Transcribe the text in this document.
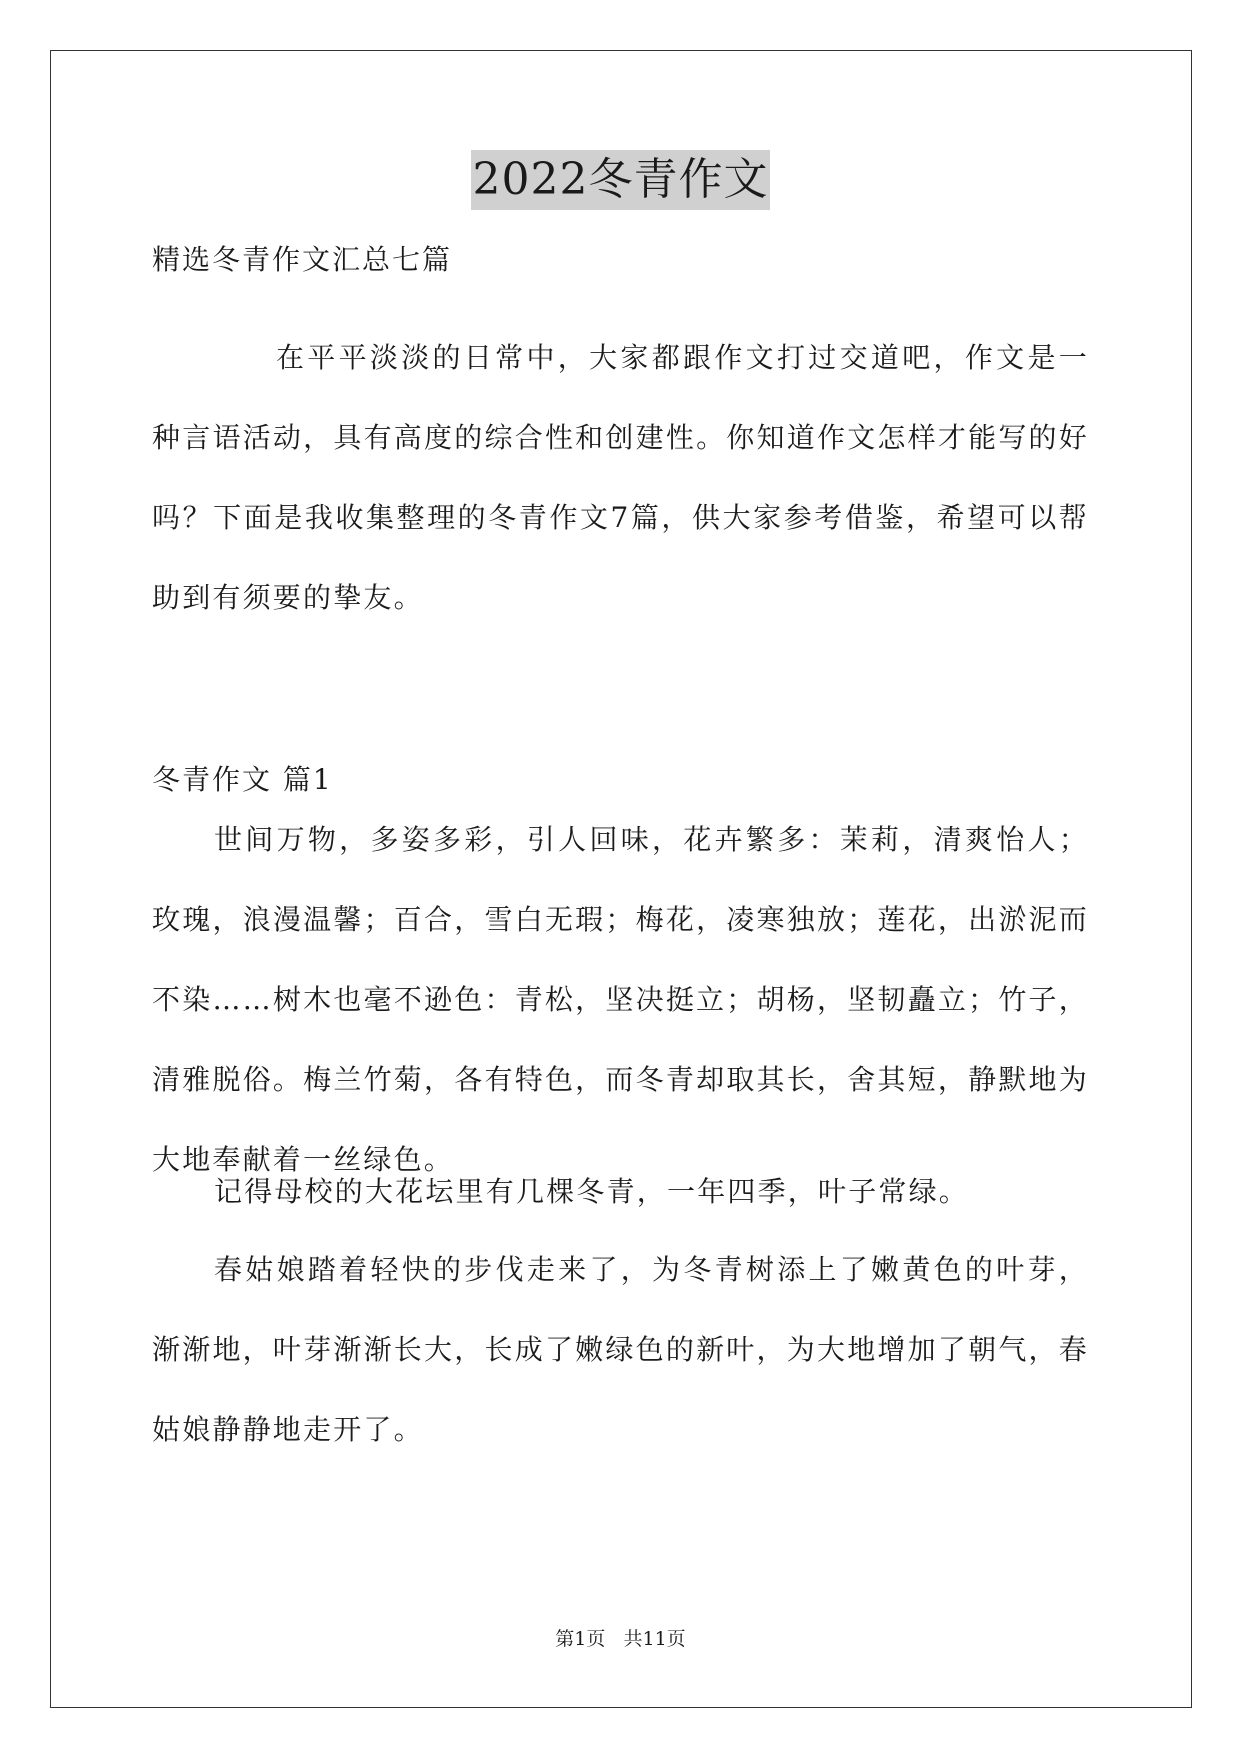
2022冬青作文
精选冬青作文汇总七篇
在平平淡淡的日常中，大家都跟作文打过交道吧，作文是一种言语活动，具有高度的综合性和创建性。你知道作文怎样才能写的好吗？下面是我收集整理的冬青作文7篇，供大家参考借鉴，希望可以帮助到有须要的挚友。
冬青作文 篇1
世间万物，多姿多彩，引人回味，花卉繁多：茉莉，清爽怡人；玫瑰，浪漫温馨；百合，雪白无瑕；梅花，凌寒独放；莲花，出淤泥而不染……树木也毫不逊色：青松，坚决挺立；胡杨，坚韧矗立；竹子，清雅脱俗。梅兰竹菊，各有特色，而冬青却取其长，舍其短，静默地为大地奉献着一丝绿色。
记得母校的大花坛里有几棵冬青，一年四季，叶子常绿。
春姑娘踏着轻快的步伐走来了，为冬青树添上了嫩黄色的叶芽，渐渐地，叶芽渐渐长大，长成了嫩绿色的新叶，为大地增加了朝气，春姑娘静静地走开了。
第1页   共11页
